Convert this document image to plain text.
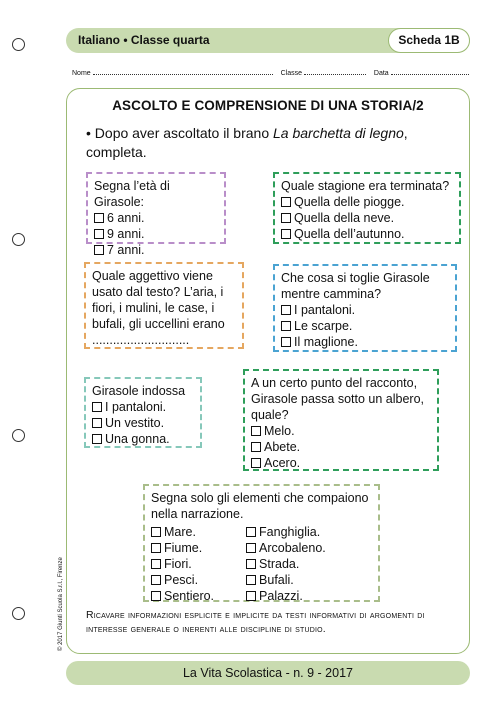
Italiano • Classe quarta	Scheda 1B
Nome	Classe	Data
ASCOLTO E COMPRENSIONE DI UNA STORIA/2
• Dopo aver ascoltato il brano La barchetta di legno, completa.
Segna l’età di Girasole:
6 anni.
9 anni.
7 anni.
Quale stagione era terminata?
Quella delle piogge.
Quella della neve.
Quella dell’autunno.
Quale aggettivo viene usato dal testo? L’aria, i fiori, i mulini, le case, i bufali, gli uccellini erano ............................
Che cosa si toglie Girasole mentre cammina?
I pantaloni.
Le scarpe.
Il maglione.
Girasole indossa
I pantaloni.
Un vestito.
Una gonna.
A un certo punto del racconto, Girasole passa sotto un albero, quale?
Melo.
Abete.
Acero.
Segna solo gli elementi che compaiono nella narrazione.
Mare.
Fiume.
Fiori.
Pesci.
Sentiero.
Fanghiglia.
Arcobaleno.
Strada.
Bufali.
Palazzi.
Ricavare informazioni esplicite e implicite da testi informativi di argomenti di interesse generale o inerenti alle discipline di studio.
© 2017 Giunti Scuola S.r.l., Firenze
La Vita Scolastica - n. 9 - 2017
